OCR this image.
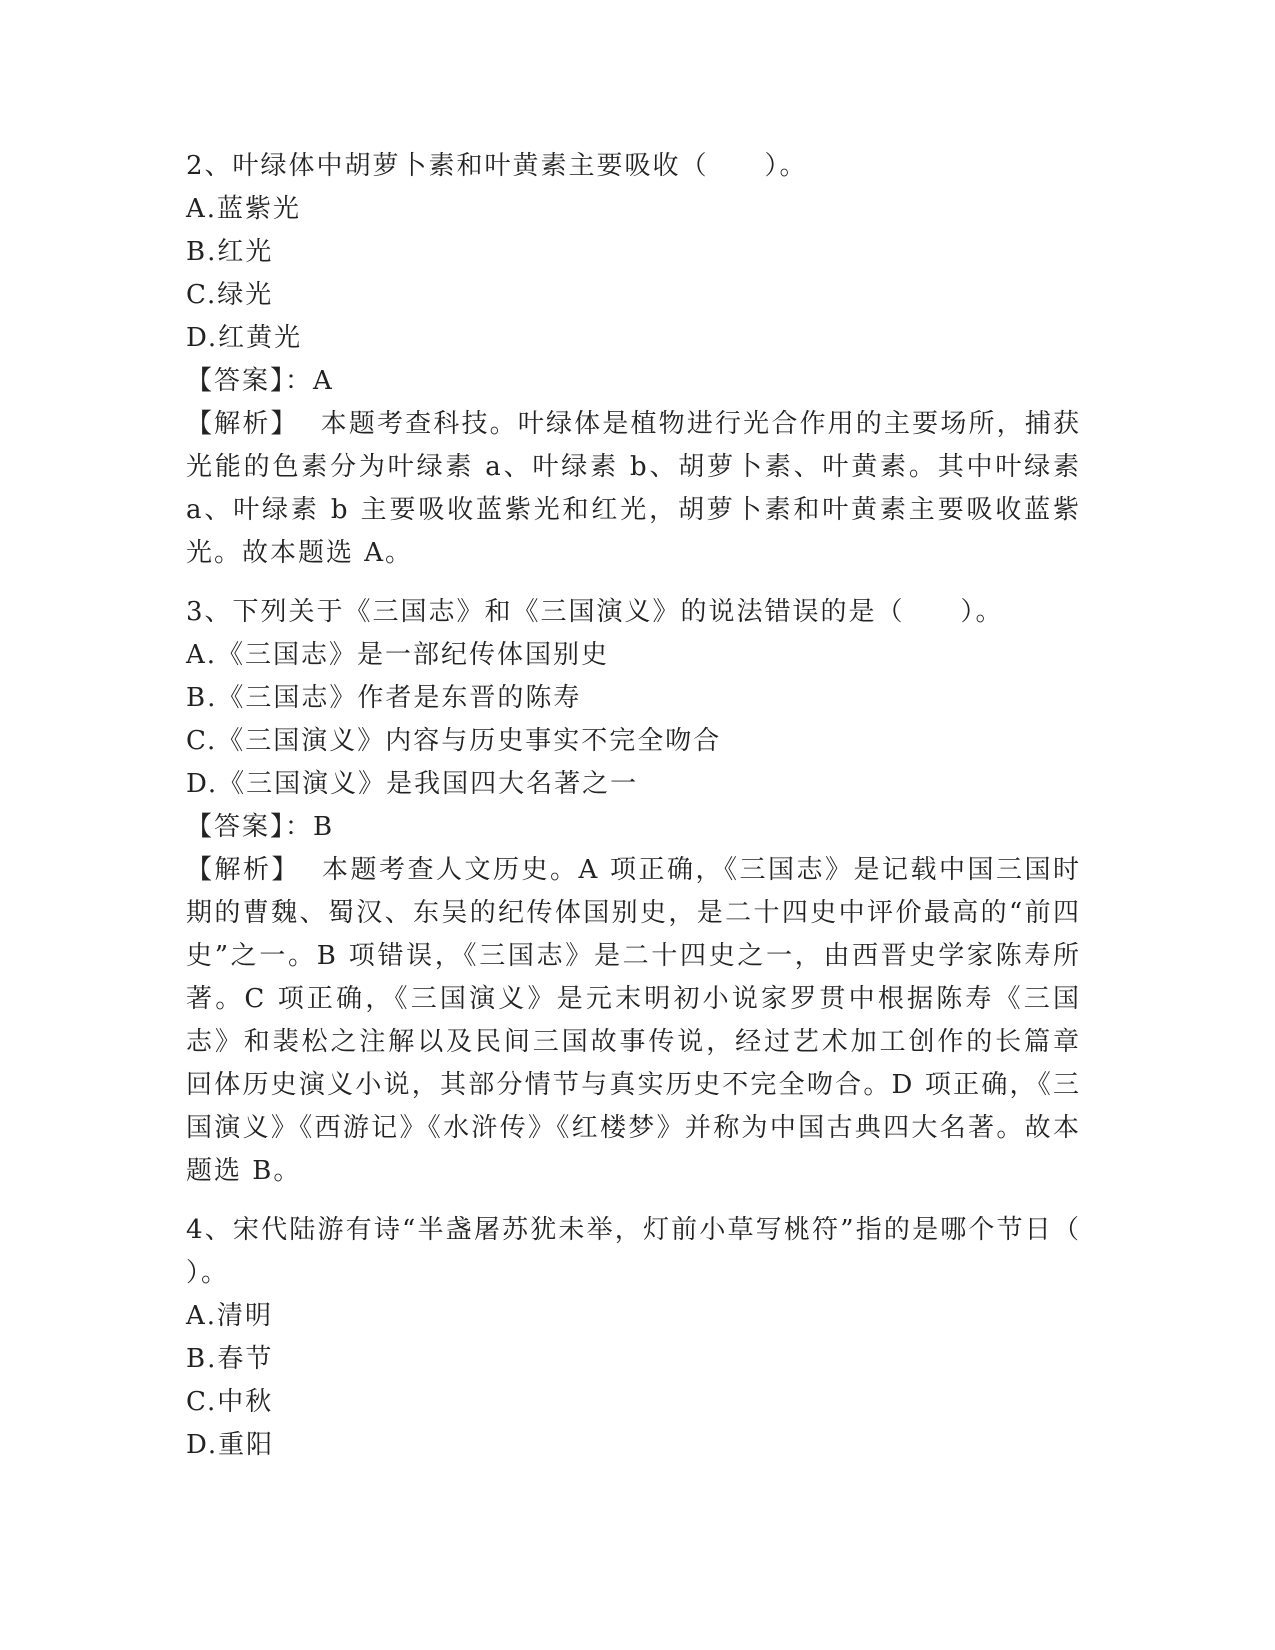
2、叶绿体中胡萝卜素和叶黄素主要吸收（　　）。
A.蓝紫光
B.红光
C.绿光
D.红黄光
【答案】：A
【解析】 本题考查科技。叶绿体是植物进行光合作用的主要场所，捕获光能的色素分为叶绿素 a、叶绿素 b、胡萝卜素、叶黄素。其中叶绿素 a、叶绿素 b 主要吸收蓝紫光和红光，胡萝卜素和叶黄素主要吸收蓝紫光。故本题选 A。
3、下列关于《三国志》和《三国演义》的说法错误的是（　　）。
A.《三国志》是一部纪传体国别史
B.《三国志》作者是东晋的陈寿
C.《三国演义》内容与历史事实不完全吻合
D.《三国演义》是我国四大名著之一
【答案】：B
【解析】 本题考查人文历史。A 项正确，《三国志》是记载中国三国时期的曹魏、蜀汉、东吴的纪传体国别史，是二十四史中评价最高的“前四史”之一。B 项错误，《三国志》是二十四史之一，由西晋史学家陈寿所著。C 项正确，《三国演义》是元末明初小说家罗贯中根据陈寿《三国志》和裴松之注解以及民间三国故事传说，经过艺术加工创作的长篇章回体历史演义小说，其部分情节与真实历史不完全吻合。D 项正确，《三国演义》《西游记》《水浒传》《红楼梦》并称为中国古典四大名著。故本题选 B。
4、宋代陆游有诗“半盏屠苏犹未举，灯前小草写桃符”指的是哪个节日（　　）。
A.清明
B.春节
C.中秋
D.重阳
